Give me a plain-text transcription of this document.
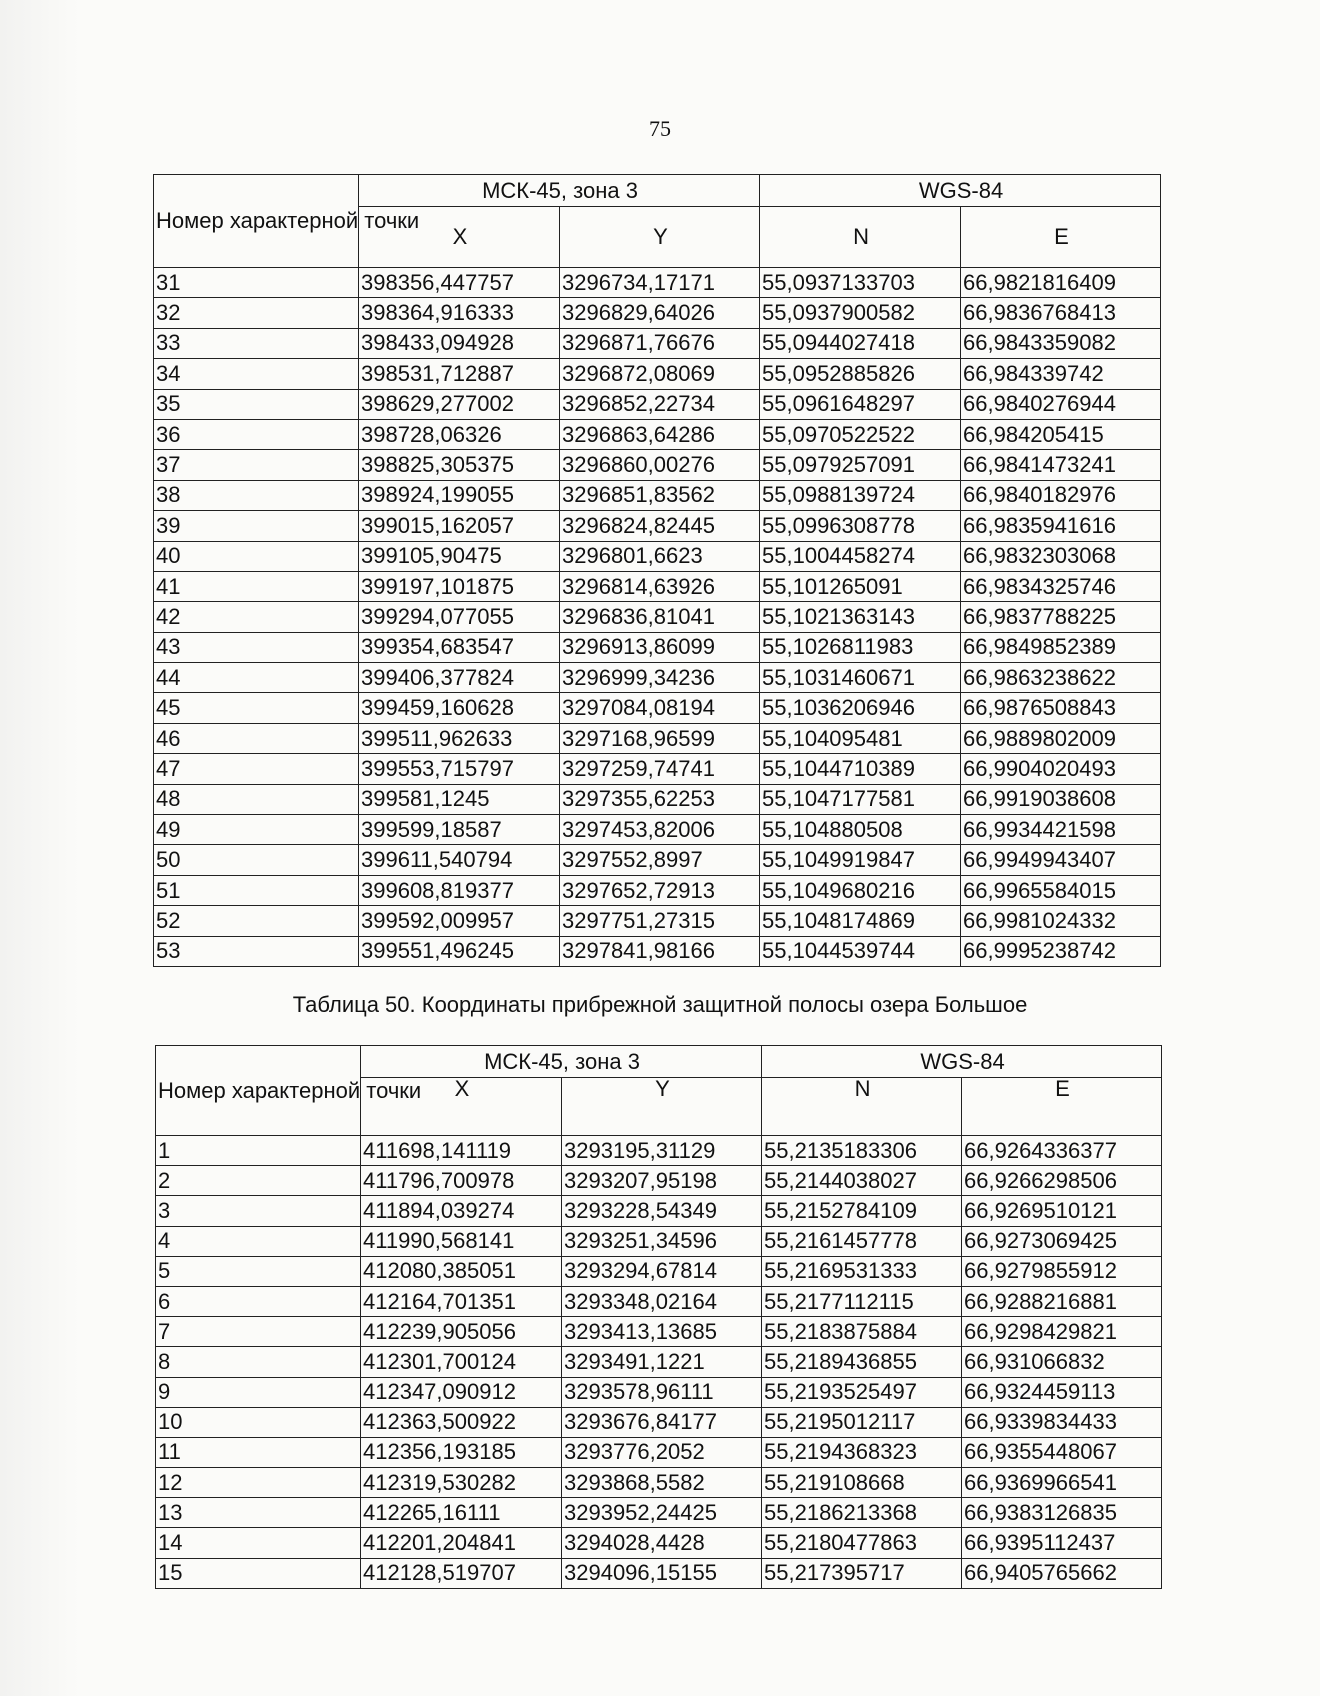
75
Номер характерной точки	МСК-45, зона 3		WGS-84	
	X	Y	N	E
31	398356,447757	3296734,17171	55,0937133703	66,9821816409
32	398364,916333	3296829,64026	55,0937900582	66,9836768413
33	398433,094928	3296871,76676	55,0944027418	66,9843359082
34	398531,712887	3296872,08069	55,0952885826	66,984339742
35	398629,277002	3296852,22734	55,0961648297	66,9840276944
36	398728,06326	3296863,64286	55,0970522522	66,984205415
37	398825,305375	3296860,00276	55,0979257091	66,9841473241
38	398924,199055	3296851,83562	55,0988139724	66,9840182976
39	399015,162057	3296824,82445	55,0996308778	66,9835941616
40	399105,90475	3296801,6623	55,1004458274	66,9832303068
41	399197,101875	3296814,63926	55,101265091	66,9834325746
42	399294,077055	3296836,81041	55,1021363143	66,9837788225
43	399354,683547	3296913,86099	55,1026811983	66,9849852389
44	399406,377824	3296999,34236	55,1031460671	66,9863238622
45	399459,160628	3297084,08194	55,1036206946	66,9876508843
46	399511,962633	3297168,96599	55,104095481	66,9889802009
47	399553,715797	3297259,74741	55,1044710389	66,9904020493
48	399581,1245	3297355,62253	55,1047177581	66,9919038608
49	399599,18587	3297453,82006	55,104880508	66,9934421598
50	399611,540794	3297552,8997	55,1049919847	66,9949943407
51	399608,819377	3297652,72913	55,1049680216	66,9965584015
52	399592,009957	3297751,27315	55,1048174869	66,9981024332
53	399551,496245	3297841,98166	55,1044539744	66,9995238742
Таблица 50. Координаты прибрежной защитной полосы озера Большое
Номер характерной точки	МСК-45, зона 3		WGS-84	
	X	Y	N	E
1	411698,141119	3293195,31129	55,2135183306	66,9264336377
2	411796,700978	3293207,95198	55,2144038027	66,9266298506
3	411894,039274	3293228,54349	55,2152784109	66,9269510121
4	411990,568141	3293251,34596	55,2161457778	66,9273069425
5	412080,385051	3293294,67814	55,2169531333	66,9279855912
6	412164,701351	3293348,02164	55,2177112115	66,9288216881
7	412239,905056	3293413,13685	55,2183875884	66,9298429821
8	412301,700124	3293491,1221	55,2189436855	66,931066832
9	412347,090912	3293578,96111	55,2193525497	66,9324459113
10	412363,500922	3293676,84177	55,2195012117	66,9339834433
11	412356,193185	3293776,2052	55,2194368323	66,9355448067
12	412319,530282	3293868,5582	55,219108668	66,9369966541
13	412265,16111	3293952,24425	55,2186213368	66,9383126835
14	412201,204841	3294028,4428	55,2180477863	66,9395112437
15	412128,519707	3294096,15155	55,217395717	66,9405765662
